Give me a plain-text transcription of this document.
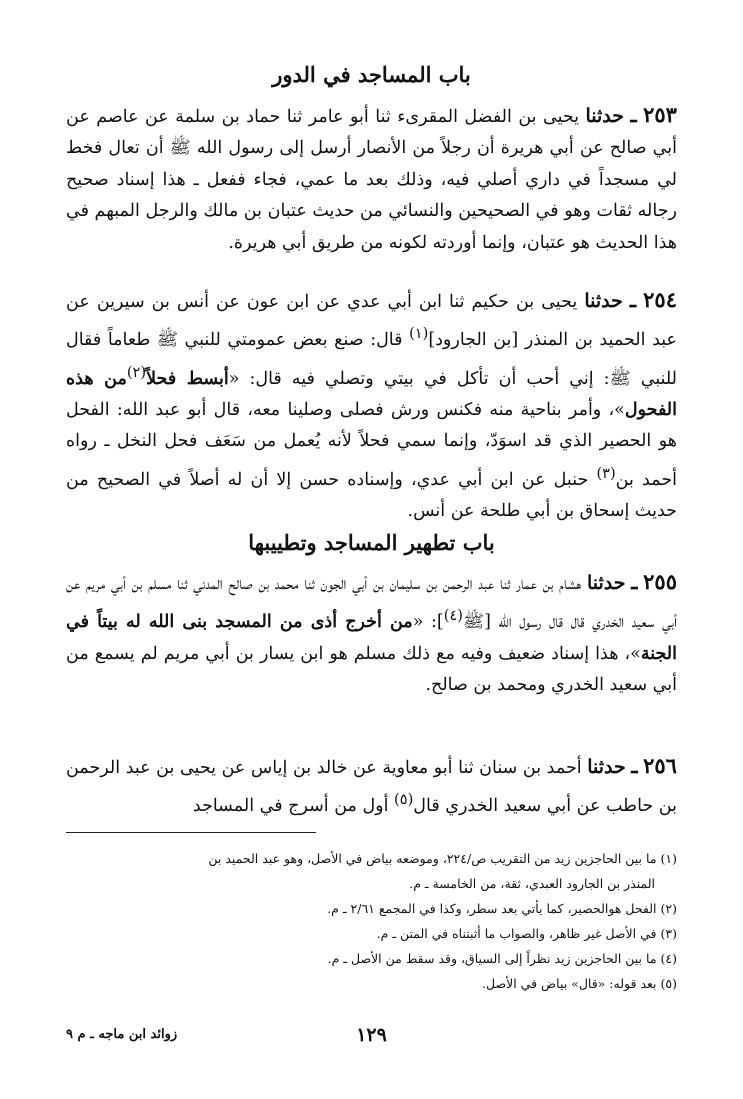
باب المساجد في الدور
٢٥٣ ـ حدثنا يحيى بن الفضل المقرىء ثنا أبو عامر ثنا حماد بن سلمة عن عاصم عن أبي صالح عن أبي هريرة أن رجلاً من الأنصار أرسل إلى رسول الله ﷺ أن تعال فخط لي مسجداً في داري أصلي فيه، وذلك بعد ما عمي، فجاء ففعل ـ هذا إسناد صحيح رجاله ثقات وهو في الصحيحين والنسائي من حديث عتبان بن مالك والرجل المبهم في هذا الحديث هو عتبان، وإنما أوردته لكونه من طريق أبي هريرة.
٢٥٤ ـ حدثنا يحيى بن حكيم ثنا ابن أبي عدي عن ابن عون عن أنس بن سيرين عن عبد الحميد بن المنذر [بن الجارود]$^{(١)}$ قال: صنع بعض عمومتي للنبي ﷺ طعاماً فقال للنبي ﷺ: إني أحب أن تأكل في بيتي وتصلي فيه قال: «أبسط فحلاً$^{(٢)}$من هذه الفحول»، وأمر بناحية منه فكنس ورش فصلى وصلينا معه، قال أبو عبد الله: الفحل هو الحصير الذي قد اسوَدّ، وإنما سمي فحلاً لأنه يُعمل من سَعَف فحل النخل ـ رواه أحمد بن$^{(٣)}$ حنبل عن ابن أبي عدي، وإسناده حسن إلا أن له أصلاً في الصحيح من حديث إسحاق بن أبي طلحة عن أنس.
باب تطهير المساجد وتطييبها
٢٥٥ ـ حدثنا هشام بن عمار ثنا عبد الرحمن بن سليمان بن أبي الجون ثنا محمد بن صالح المدني ثنا مسلم بن أبي مريم عن أبي سعيد الخدري قال قال رسول الله [ﷺ$^{(٤)}$]: «من أخرج أذى من المسجد بنى الله له بيتاً في الجنة»، هذا إسناد ضعيف وفيه مع ذلك مسلم هو ابن يسار بن أبي مريم لم يسمع من أبي سعيد الخدري ومحمد بن صالح.
٢٥٦ ـ حدثنا أحمد بن سنان ثنا أبو معاوية عن خالد بن إياس عن يحيى بن عبد الرحمن بن حاطب عن أبي سعيد الخدري قال$^{(٥)}$ أول من أسرج في المساجد
(١) ما بين الحاجزين زيد من التقريب ص/٢٢٤، وموضعه بياض في الأصل، وهو عبد الحميد بن
المنذر بن الجارود العبدي، ثقة، من الخامسة ـ م.
(٢) الفحل هوالحصير، كما يأتي بعد سطر، وكذا في المجمع ٢/٦١ ـ م.
(٣) في الأصل غير ظاهر، والصواب ما أثبتناه في المتن ـ م.
(٤) ما بين الحاجزين زيد نظراً إلى السياق، وقد سقط من الأصل ـ م.
(٥) بعد قوله: «قال» بياض في الأصل.
١٢٩
زوائد ابن ماجه ـ م ٩
